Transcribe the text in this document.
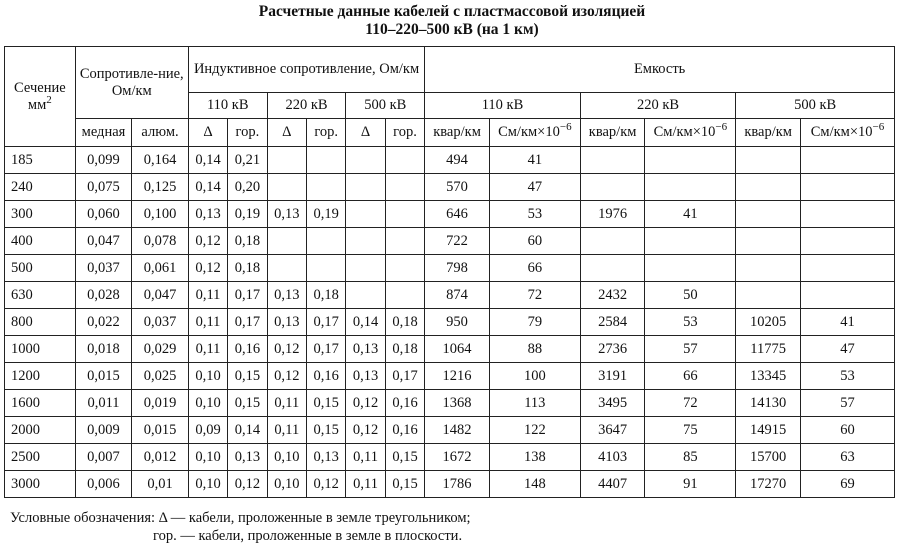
Расчетные данные кабелей с пластмассовой изоляцией
110–220–500 кВ (на 1 км)
Сечение $мм^2$	Сопротивле-ние, Ом/км		Индуктивное сопротивление, Ом/км						Емкость					
			110 кВ		220 кВ		500 кВ		110 кВ		220 кВ		500 кВ	
	медная	алюм.	Δ	гор.	Δ	гор.	Δ	гор.	квар/км	$См/км\times 10^{-6}$	квар/км	$См/км\times 10^{-6}$	квар/км	$См/км\times 10^{-6}$
185	0,099	0,164	0,14	0,21					494	41				
240	0,075	0,125	0,14	0,20					570	47				
300	0,060	0,100	0,13	0,19	0,13	0,19			646	53	1976	41		
400	0,047	0,078	0,12	0,18					722	60				
500	0,037	0,061	0,12	0,18					798	66				
630	0,028	0,047	0,11	0,17	0,13	0,18			874	72	2432	50		
800	0,022	0,037	0,11	0,17	0,13	0,17	0,14	0,18	950	79	2584	53	10205	41
1000	0,018	0,029	0,11	0,16	0,12	0,17	0,13	0,18	1064	88	2736	57	11775	47
1200	0,015	0,025	0,10	0,15	0,12	0,16	0,13	0,17	1216	100	3191	66	13345	53
1600	0,011	0,019	0,10	0,15	0,11	0,15	0,12	0,16	1368	113	3495	72	14130	57
2000	0,009	0,015	0,09	0,14	0,11	0,15	0,12	0,16	1482	122	3647	75	14915	60
2500	0,007	0,012	0,10	0,13	0,10	0,13	0,11	0,15	1672	138	4103	85	15700	63
3000	0,006	0,01	0,10	0,12	0,10	0,12	0,11	0,15	1786	148	4407	91	17270	69
Условные обозначения: Δ — кабели, проложенные в земле треугольником;
гор. — кабели, проложенные в земле в плоскости.
